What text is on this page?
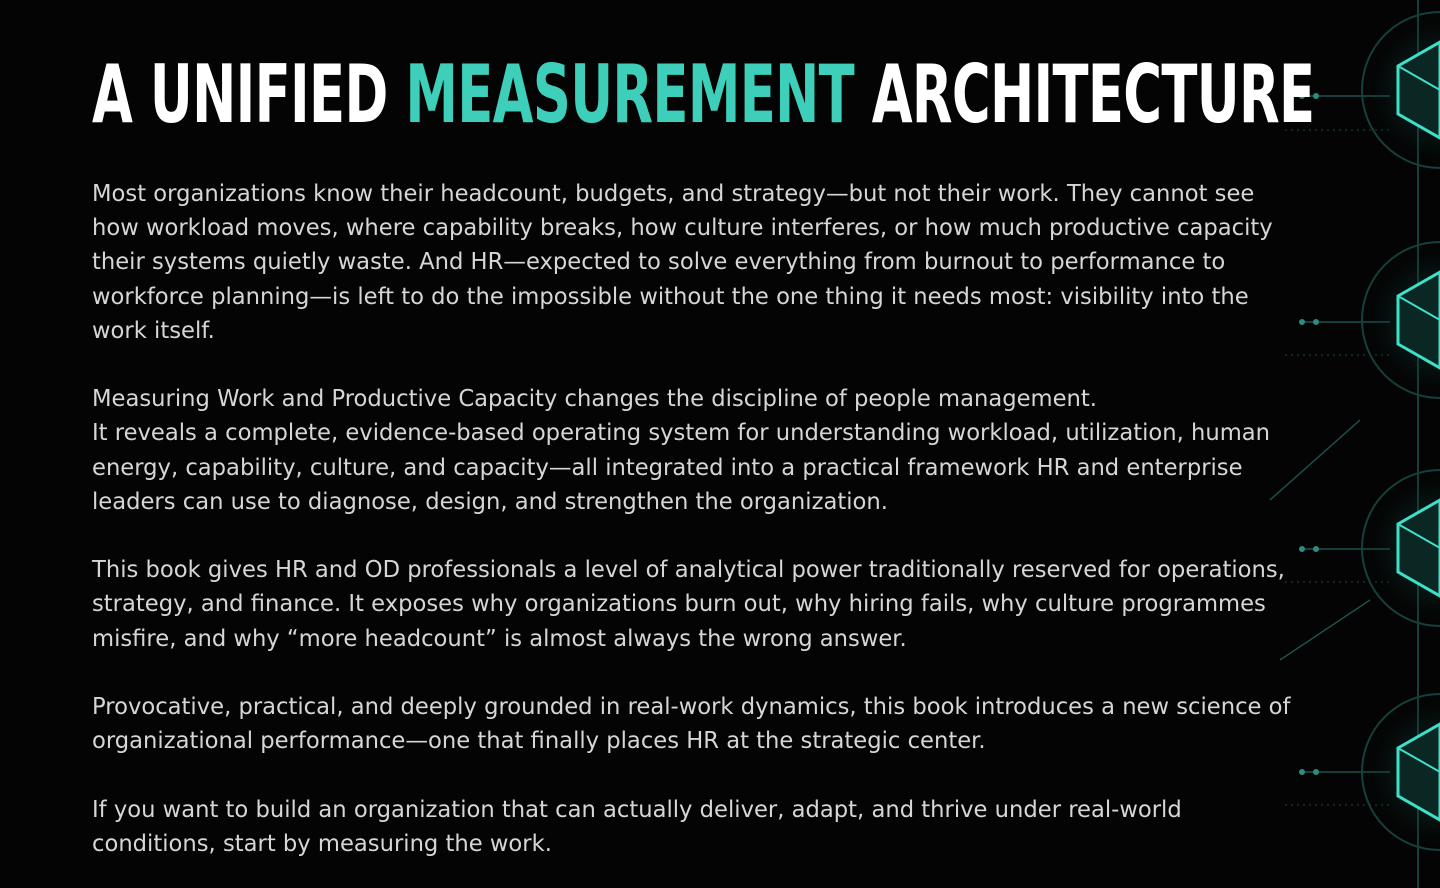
A UNIFIED MEASUREMENT ARCHITECTURE

Most organizations know their headcount, budgets, and strategy—but not their work. They cannot see
how workload moves, where capability breaks, how culture interferes, or how much productive capacity
their systems quietly waste. And HR—expected to solve everything from burnout to performance to
workforce planning—is left to do the impossible without the one thing it needs most: visibility into the
work itself.

Measuring Work and Productive Capacity changes the discipline of people management.
It reveals a complete, evidence-based operating system for understanding workload, utilization, human
energy, capability, culture, and capacity—all integrated into a practical framework HR and enterprise
leaders can use to diagnose, design, and strengthen the organization.

This book gives HR and OD professionals a level of analytical power traditionally reserved for operations,
strategy, and finance. It exposes why organizations burn out, why hiring fails, why culture programmes
misfire, and why “more headcount” is almost always the wrong answer.

Provocative, practical, and deeply grounded in real-work dynamics, this book introduces a new science of
organizational performance—one that finally places HR at the strategic center.

If you want to build an organization that can actually deliver, adapt, and thrive under real-world
conditions, start by measuring the work.
